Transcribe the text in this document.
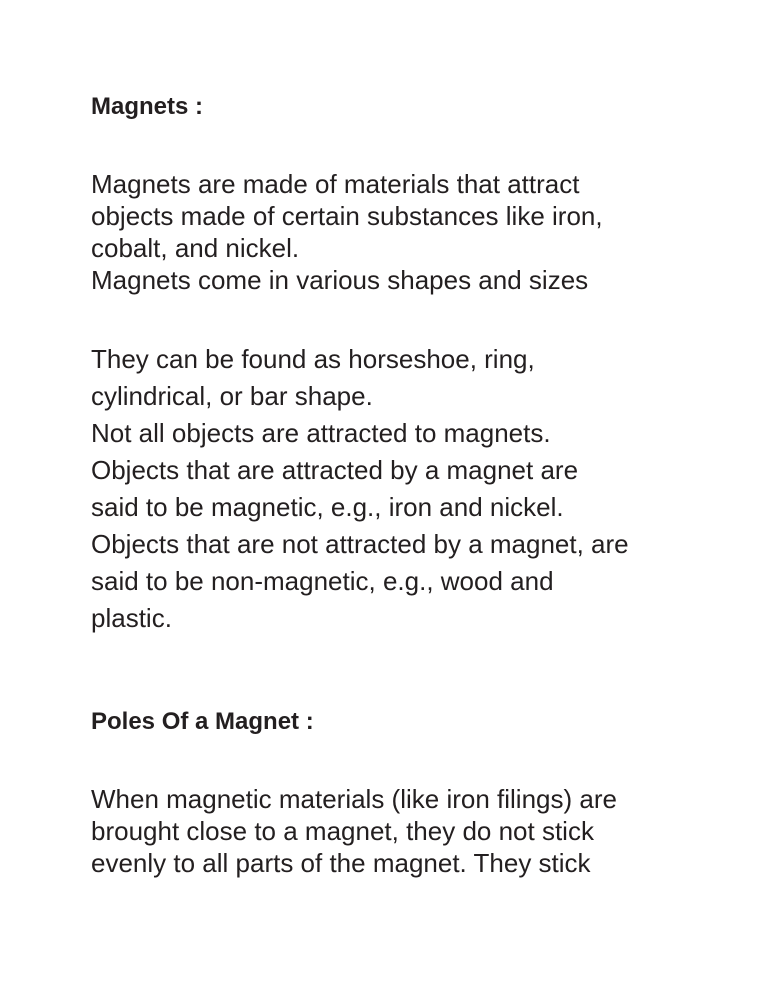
Magnets :

Magnets are made of materials that attract
objects made of certain substances like iron,
cobalt, and nickel.
Magnets come in various shapes and sizes

They can be found as horseshoe, ring,
cylindrical, or bar shape.
Not all objects are attracted to magnets.
Objects that are attracted by a magnet are
said to be magnetic, e.g., iron and nickel.
Objects that are not attracted by a magnet, are
said to be non-magnetic, e.g., wood and
plastic.

Poles Of a Magnet :

When magnetic materials (like iron filings) are
brought close to a magnet, they do not stick
evenly to all parts of the magnet. They stick
